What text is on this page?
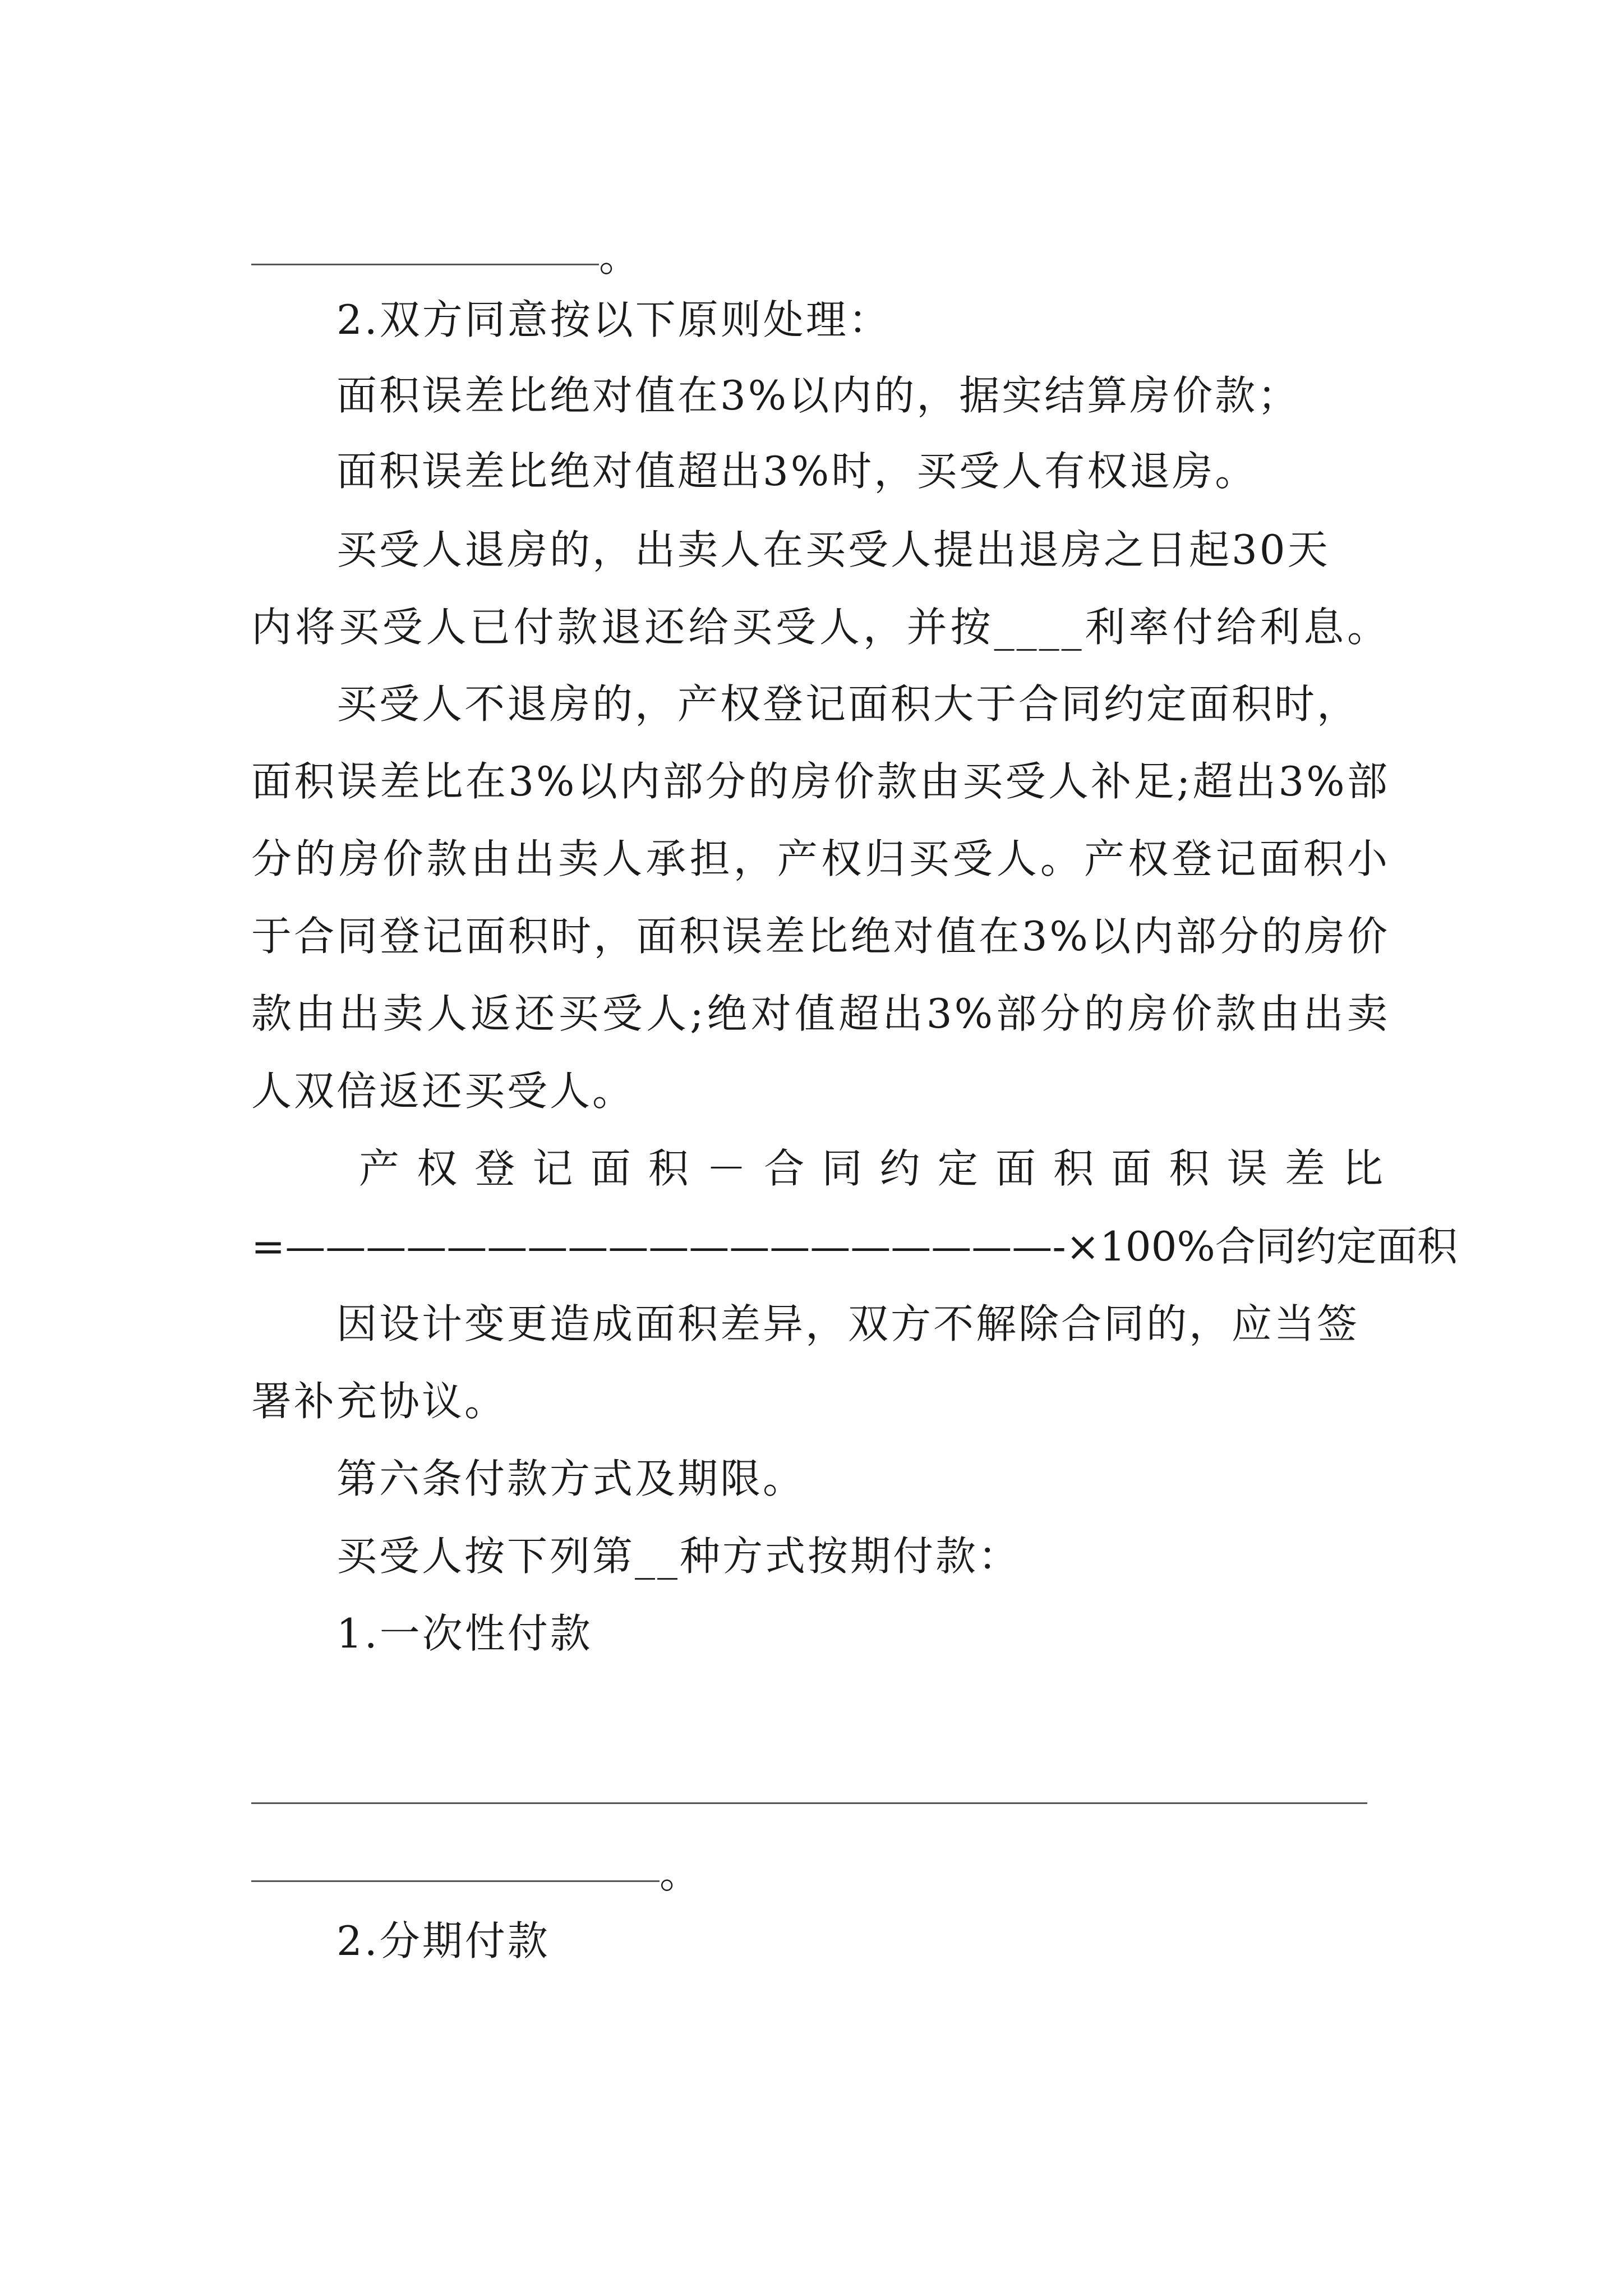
。
2.双方同意按以下原则处理：
面积误差比绝对值在3%以内的，据实结算房价款；
面积误差比绝对值超出3%时，买受人有权退房。
买受人退房的，出卖人在买受人提出退房之日起30天
内将买受人已付款退还给买受人，并按____利率付给利息。
买受人不退房的，产权登记面积大于合同约定面积时，
面积误差比在3%以内部分的房价款由买受人补足;超出3%部
分的房价款由出卖人承担，产权归买受人。产权登记面积小
于合同登记面积时，面积误差比绝对值在3%以内部分的房价
款由出卖人返还买受人;绝对值超出3%部分的房价款由出卖
人双倍返还买受人。
产权登记面积－合同约定面积面积误差比
=———————————————————-×100%合同约定面积
因设计变更造成面积差异，双方不解除合同的，应当签
署补充协议。
第六条付款方式及期限。
买受人按下列第__种方式按期付款：
1.一次性付款
。
2.分期付款
